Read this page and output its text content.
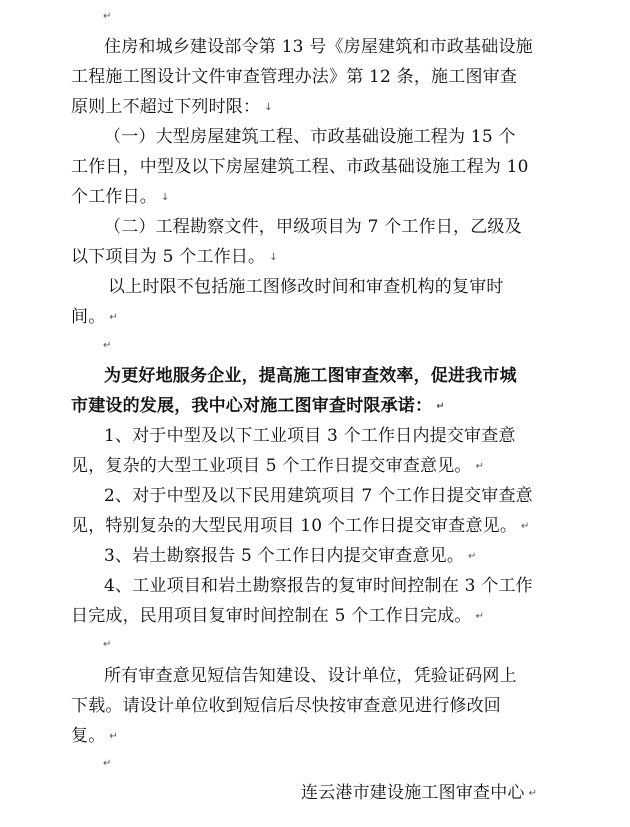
↵
住房和城乡建设部令第 13 号《房屋建筑和市政基础设施
工程施工图设计文件审查管理办法》第 12 条，施工图审查
原则上不超过下列时限： ↓
（一）大型房屋建筑工程、市政基础设施工程为 15 个
工作日，中型及以下房屋建筑工程、市政基础设施工程为 10
个工作日。 ↓
（二）工程勘察文件，甲级项目为 7 个工作日，乙级及
以下项目为 5 个工作日。 ↓
以上时限不包括施工图修改时间和审查机构的复审时
间。 ↵
↵
为更好地服务企业，提高施工图审查效率，促进我市城
市建设的发展，我中心对施工图审查时限承诺： ↵
1、对于中型及以下工业项目 3 个工作日内提交审查意
见，复杂的大型工业项目 5 个工作日提交审查意见。 ↵
2、对于中型及以下民用建筑项目 7 个工作日提交审查意
见，特别复杂的大型民用项目 10 个工作日提交审查意见。 ↵
3、岩土勘察报告 5 个工作日内提交审查意见。 ↵
4、工业项目和岩土勘察报告的复审时间控制在 3 个工作
日完成，民用项目复审时间控制在 5 个工作日完成。 ↵
↵
所有审查意见短信告知建设、设计单位，凭验证码网上
下载。请设计单位收到短信后尽快按审查意见进行修改回
复。 ↵
↵
连云港市建设施工图审查中心 ↵
